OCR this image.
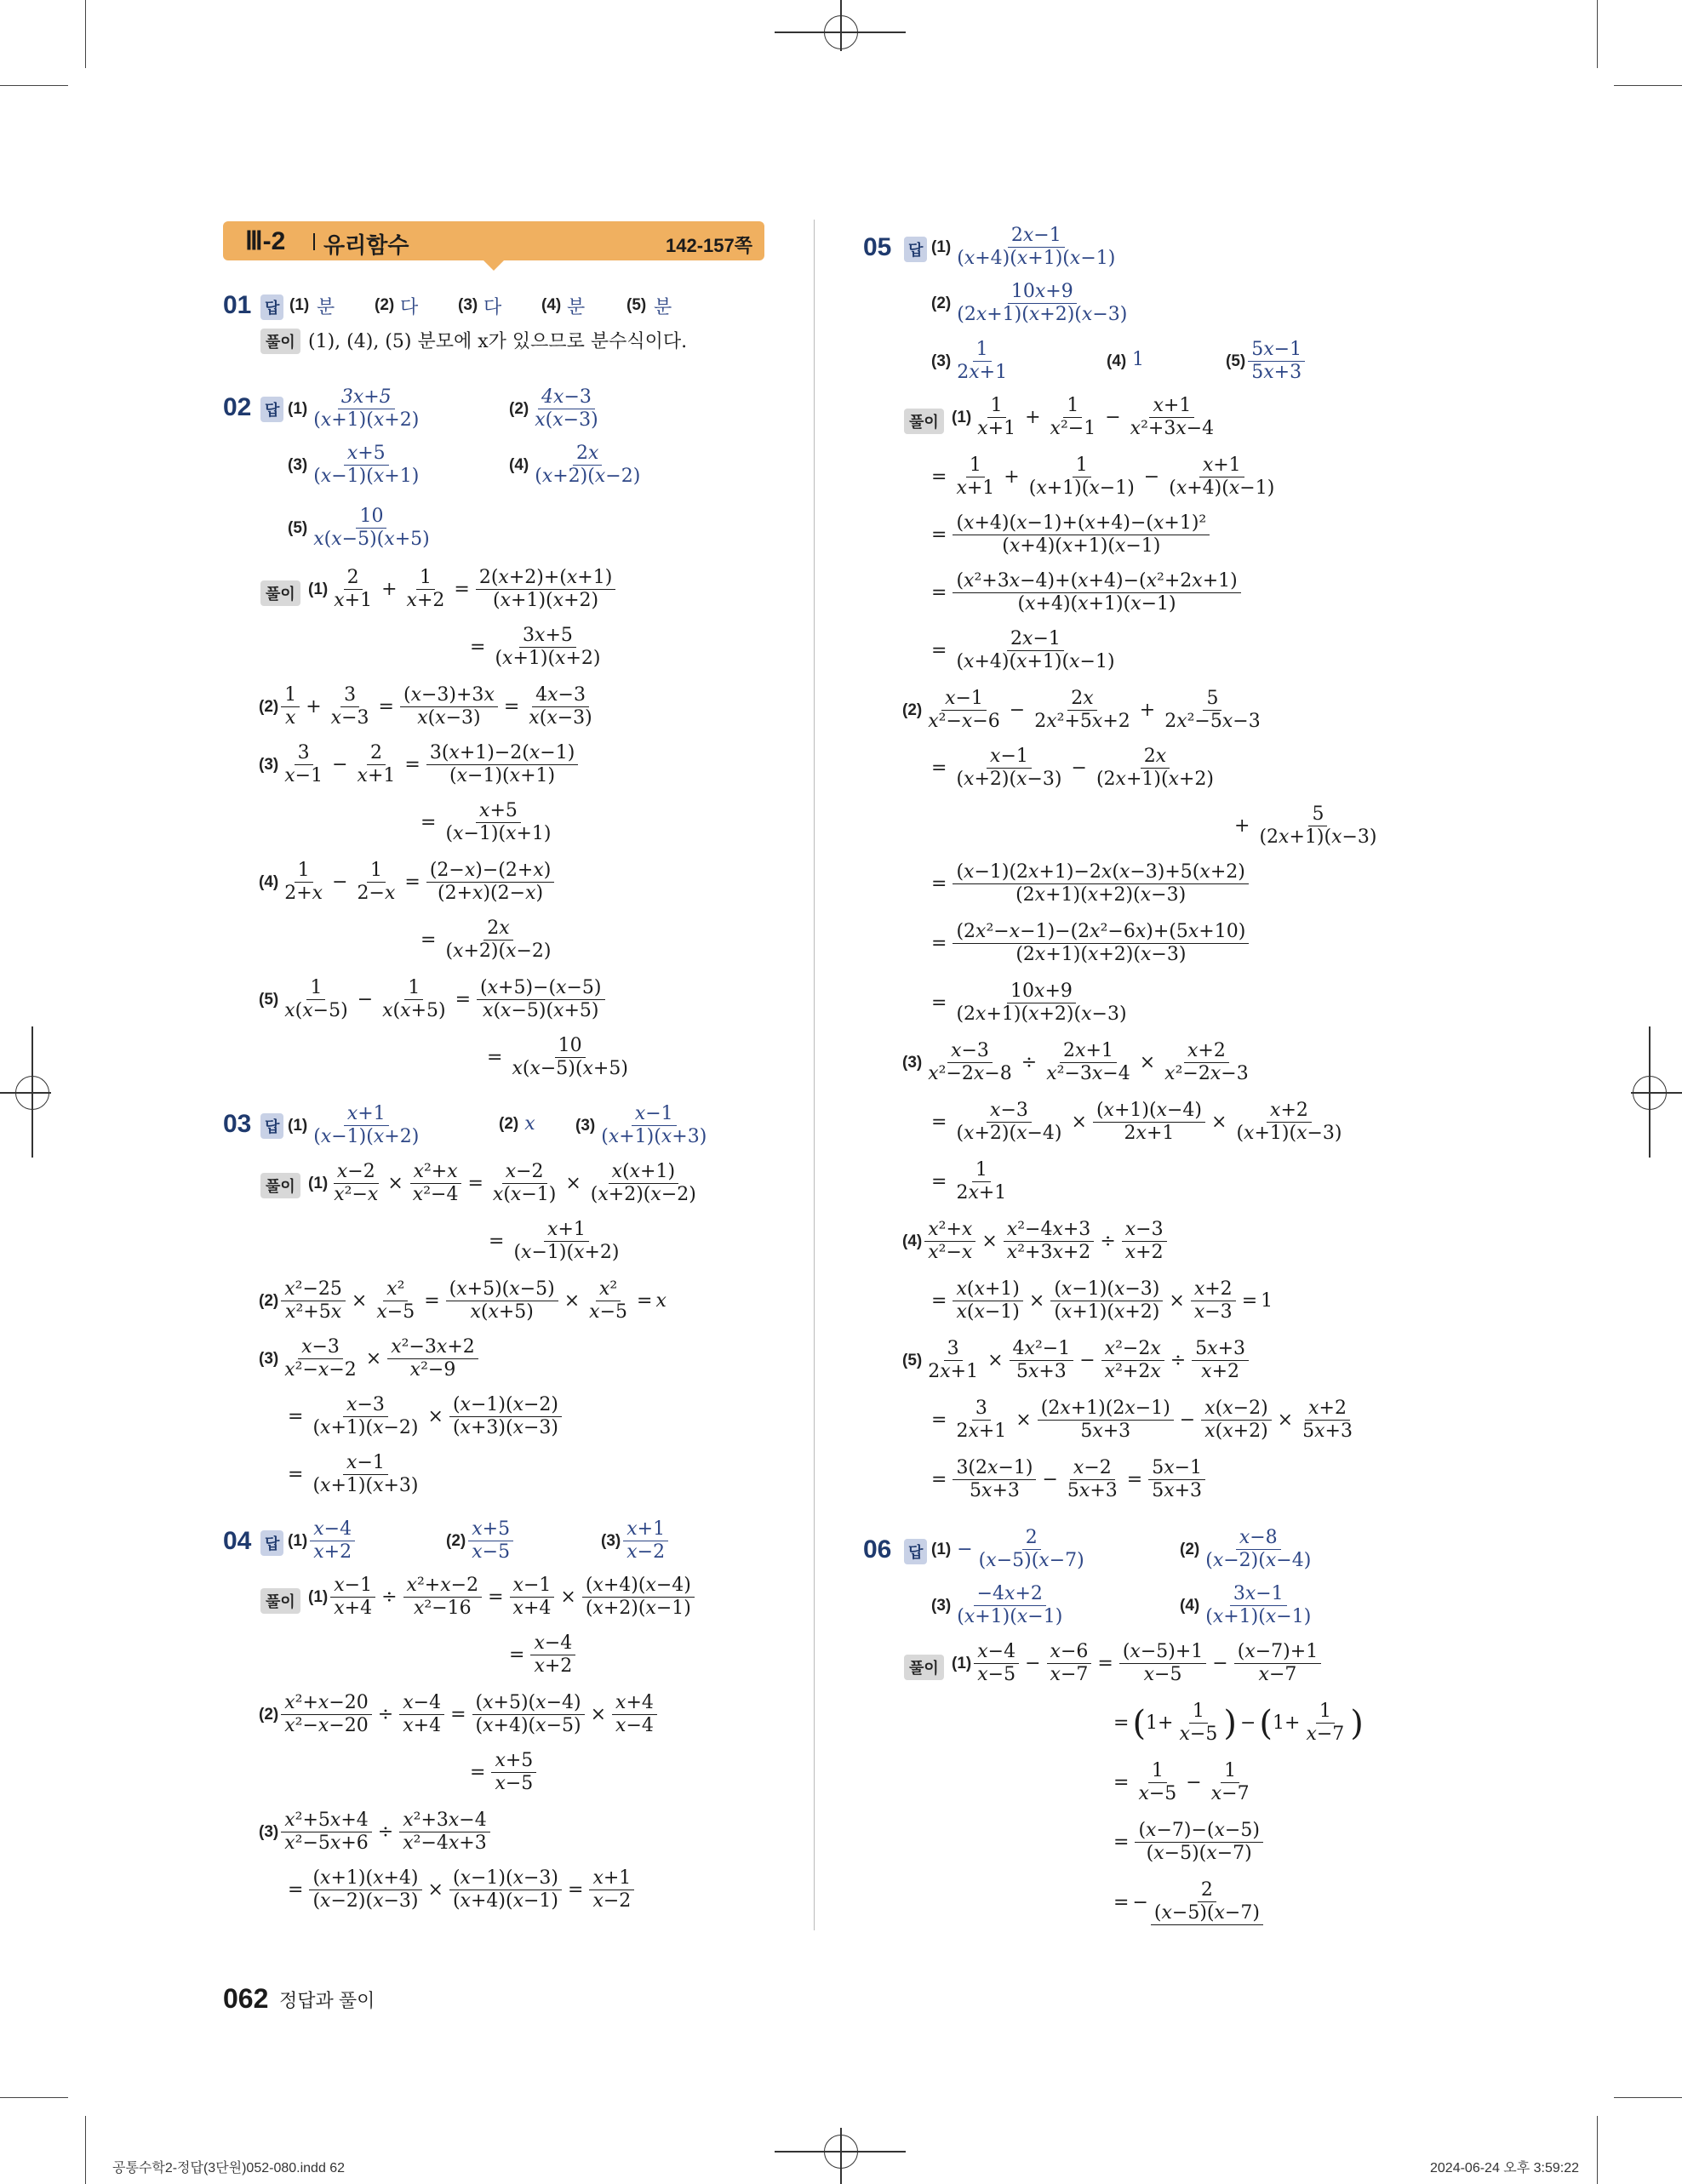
Ⅲ-2 유리함수	142-157쪽
01 답 (1) 분 (2) 다 (3) 다 (4) 분	(5) 분
풀이 (1), (4), (5) 분모에 x가 있으므로 분수식이다.
02 답 (1)
3x+5
(x+1)(x+2)
(2)
4x−3
x(x−3)
(3)
x+5
(x−1)(x+1)
(4)
2x
(x+2)(x−2)
(5)
10
x(x−5)(x+5)
풀이 (1)
2
x+1
+ $\frac{1}{x+2} = \frac{2(x+2)+(x+1)}{(x+1)(x+2)}$
= $\frac{3x+5}{(x+1)(x+2)}$
(2)
1
x
+ $\frac{3}{x-3} = \frac{(x-3)+3x}{x(x-3)} = \frac{4x-3}{x(x-3)}$
(3)
3
x−1
− $\frac{2}{x+1} = \frac{3(x+1)-2(x-1)}{(x-1)(x+1)}$
= $\frac{x+5}{(x-1)(x+1)}$
(4)
1
2+x
− $\frac{1}{2-x} = \frac{(2-x)-(2+x)}{(2+x)(2-x)}$
= $\frac{2x}{(x+2)(x-2)}$
(5)
1
x(x−5)
− $\frac{1}{x(x+5)} = \frac{(x+5)-(x-5)}{x(x-5)(x+5)}$
= $\frac{10}{x(x-5)(x+5)}$
03 답 (1)
x+1
(x−1)(x+2)
(2)
x (3)
x−1
(x+1)(x+3)
풀이 $(1) \frac{x-2}{\text{x²−x}} \times \frac{\text{x²+x}}{\text{x²−4}} = \frac{x-2}{x(x-1)} \times \frac{x(x+1)}{(x+2)(x-2)}$
= $\frac{x+1}{(x-1)(x+2)}$
$(2) \frac{\text{x²−25}}{\text{x²+5x}} \times \frac{\text{x²}}{x-5} = \frac{(x+5)(x-5)}{x(x+5)} \times \frac{\text{x²}}{x-5} = x$
$(3) \frac{x-3}{\text{x²−x−2}} \times \frac{\text{x²−3x+2}}{\text{x²−9}}$
= $\frac{x-3}{(x+1)(x-2)} \times \frac{(x-1)(x-2)}{(x+3)(x-3)}$
= $\frac{x-1}{(x+1)(x+3)}$
04 답 (1)
x−4
x+2
(2)
x+5
x−5
(3)
x+1
x−2
풀이 $(1) \frac{x-1}{x+4} \div \frac{\text{x²+x−2}}{\text{x²−16}} = \frac{x-1}{x+4} \times \frac{(x+4)(x-4)}{(x+2)(x-1)}$
= $\frac{x-4}{x+2}$
$(2) \frac{\text{x²+x−20}}{\text{x²−x−20}} \div \frac{x-4}{x+4} = \frac{(x+5)(x-4)}{(x+4)(x-5)} \times \frac{x+4}{x-4}$
= $\frac{x+5}{x-5}$
$(3) \frac{\text{x²+5x+4}}{\text{x²−5x+6}} \div \frac{\text{x²+3x−4}}{\text{x²−4x+3}}$
= $\frac{(x+1)(x+4)}{(x-2)(x-3)} \times \frac{(x-1)(x-3)}{(x+4)(x-1)} = \frac{x+1}{x-2}$
05 답 (1)
2x−1
(x+4)(x+1)(x−1)
(2)
10x+9
(2x+1)(x+2)(x−3)
(3)
1
2x+1
(4) 1	(5)
5x−1
5x+3
풀이 (1)
1
x+1
+ $\frac{1}{\text{x²−1}} - \frac{x+1}{\text{x²+3x−4}}$
= $\frac{1}{x+1} + \frac{1}{(x+1)(x-1)} - \frac{x+1}{(x+4)(x-1)}$
= $\frac{\text{(x+4)(x−1)+(x+4)−(x+1)²}}{(x+4)(x+1)(x-1)}$
= $\frac{\text{(x²+3x−4)+(x+4)−(x²+2x+1)}}{(x+4)(x+1)(x-1)}$
= $\frac{2x-1}{(x+4)(x+1)(x-1)}$
(2)
x−1
x²−x−6
− $\frac{2x}{\text{2x²+5x+2}} + \frac{5}{\text{2x²−5x−3}}$
= $\frac{x-1}{(x+2)(x-3)} - \frac{2x}{(2x+1)(x+2)}$
+ $\frac{5}{(2x+1)(x-3)}$
= $\frac{(x-1)(2x+1)-2x(x-3)+5(x+2)}{(2x+1)(x+2)(x-3)}$
= $\frac{\text{(2x²−x−1)−(2x²−6x)+(5x+10)}}{(2x+1)(x+2)(x-3)}$
= $\frac{10x+9}{(2x+1)(x+2)(x-3)}$
$(3) \frac{x-3}{\text{x²−2x−8}} \div \frac{2x+1}{\text{x²−3x−4}} \times \frac{x+2}{\text{x²−2x−3}}$
= $\frac{x-3}{(x+2)(x-4)} \times \frac{(x+1)(x-4)}{2x+1} \times \frac{x+2}{(x+1)(x-3)}$
= $\frac{1}{2x+1}$
$(4) \frac{\text{x²+x}}{\text{x²−x}} \times \frac{\text{x²−4x+3}}{\text{x²+3x+2}} \div \frac{x-3}{x+2}$
= $\frac{x(x+1)}{x(x-1)} \times \frac{(x-1)(x-3)}{(x+1)(x+2)} \times \frac{x+2}{x-3} = 1$
$(5) \frac{3}{2x+1} \times \frac{\text{4x²−1}}{5x+3} - \frac{\text{x²−2x}}{\text{x²+2x}} \div \frac{5x+3}{x+2}$
= $\frac{3}{2x+1} \times \frac{(2x+1)(2x-1)}{5x+3} - \frac{x(x-2)}{x(x+2)} \times \frac{x+2}{5x+3}$
= $\frac{3(2x-1)}{5x+3} - \frac{x-2}{5x+3} = \frac{5x-1}{5x+3}$
06 답 (1) −
2
(x−5)(x−7)
(2)
x−8
(x−2)(x−4)
(3)
−4x+2
(x+1)(x−1)
(4)
3x−1
(x+1)(x−1)
풀이 (1)
x−4
x−5
− $\frac{x-6}{x-7} = \frac{(x-5)+1}{x-5} - \frac{(x-7)+1}{x-7}$
= ( 1+
1
x−5 ) − ( 1+
1
x−7 )
= $\frac{1}{x-5} - \frac{1}{x-7}$
= $\frac{(x-7)-(x-5)}{(x-5)(x-7)}$
= − $\frac{2}{(x-5)(x-7)}$
062 정답과 풀이
공통수학2-정답(3단원)052-080.indd 62	2024-06-24 오후 3:59:22
